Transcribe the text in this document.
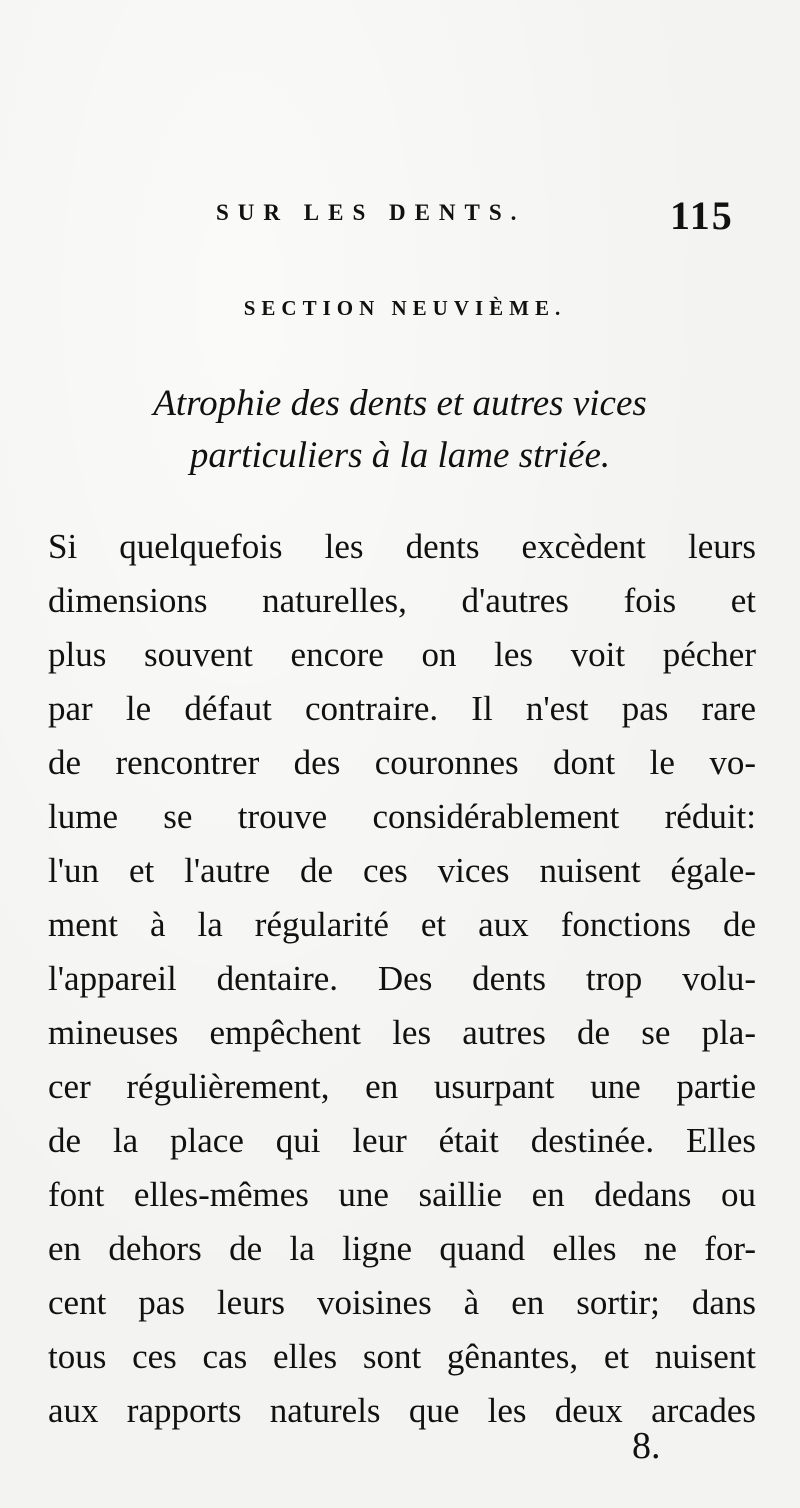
SUR LES DENTS.	115
SECTION NEUVIÈME.
Atrophie des dents et autres vices
particuliers à la lame striée.
Si quelquefois les dents excèdent leurs
dimensions naturelles, d'autres fois et
plus souvent encore on les voit pécher
par le défaut contraire. Il n'est pas rare
de rencontrer des couronnes dont le vo-
lume se trouve considérablement réduit:
l'un et l'autre de ces vices nuisent égale-
ment à la régularité et aux fonctions de
l'appareil dentaire. Des dents trop volu-
mineuses empêchent les autres de se pla-
cer régulièrement, en usurpant une partie
de la place qui leur était destinée. Elles
font elles-mêmes une saillie en dedans ou
en dehors de la ligne quand elles ne for-
cent pas leurs voisines à en sortir; dans
tous ces cas elles sont gênantes, et nuisent
aux rapports naturels que les deux arcades
8.
